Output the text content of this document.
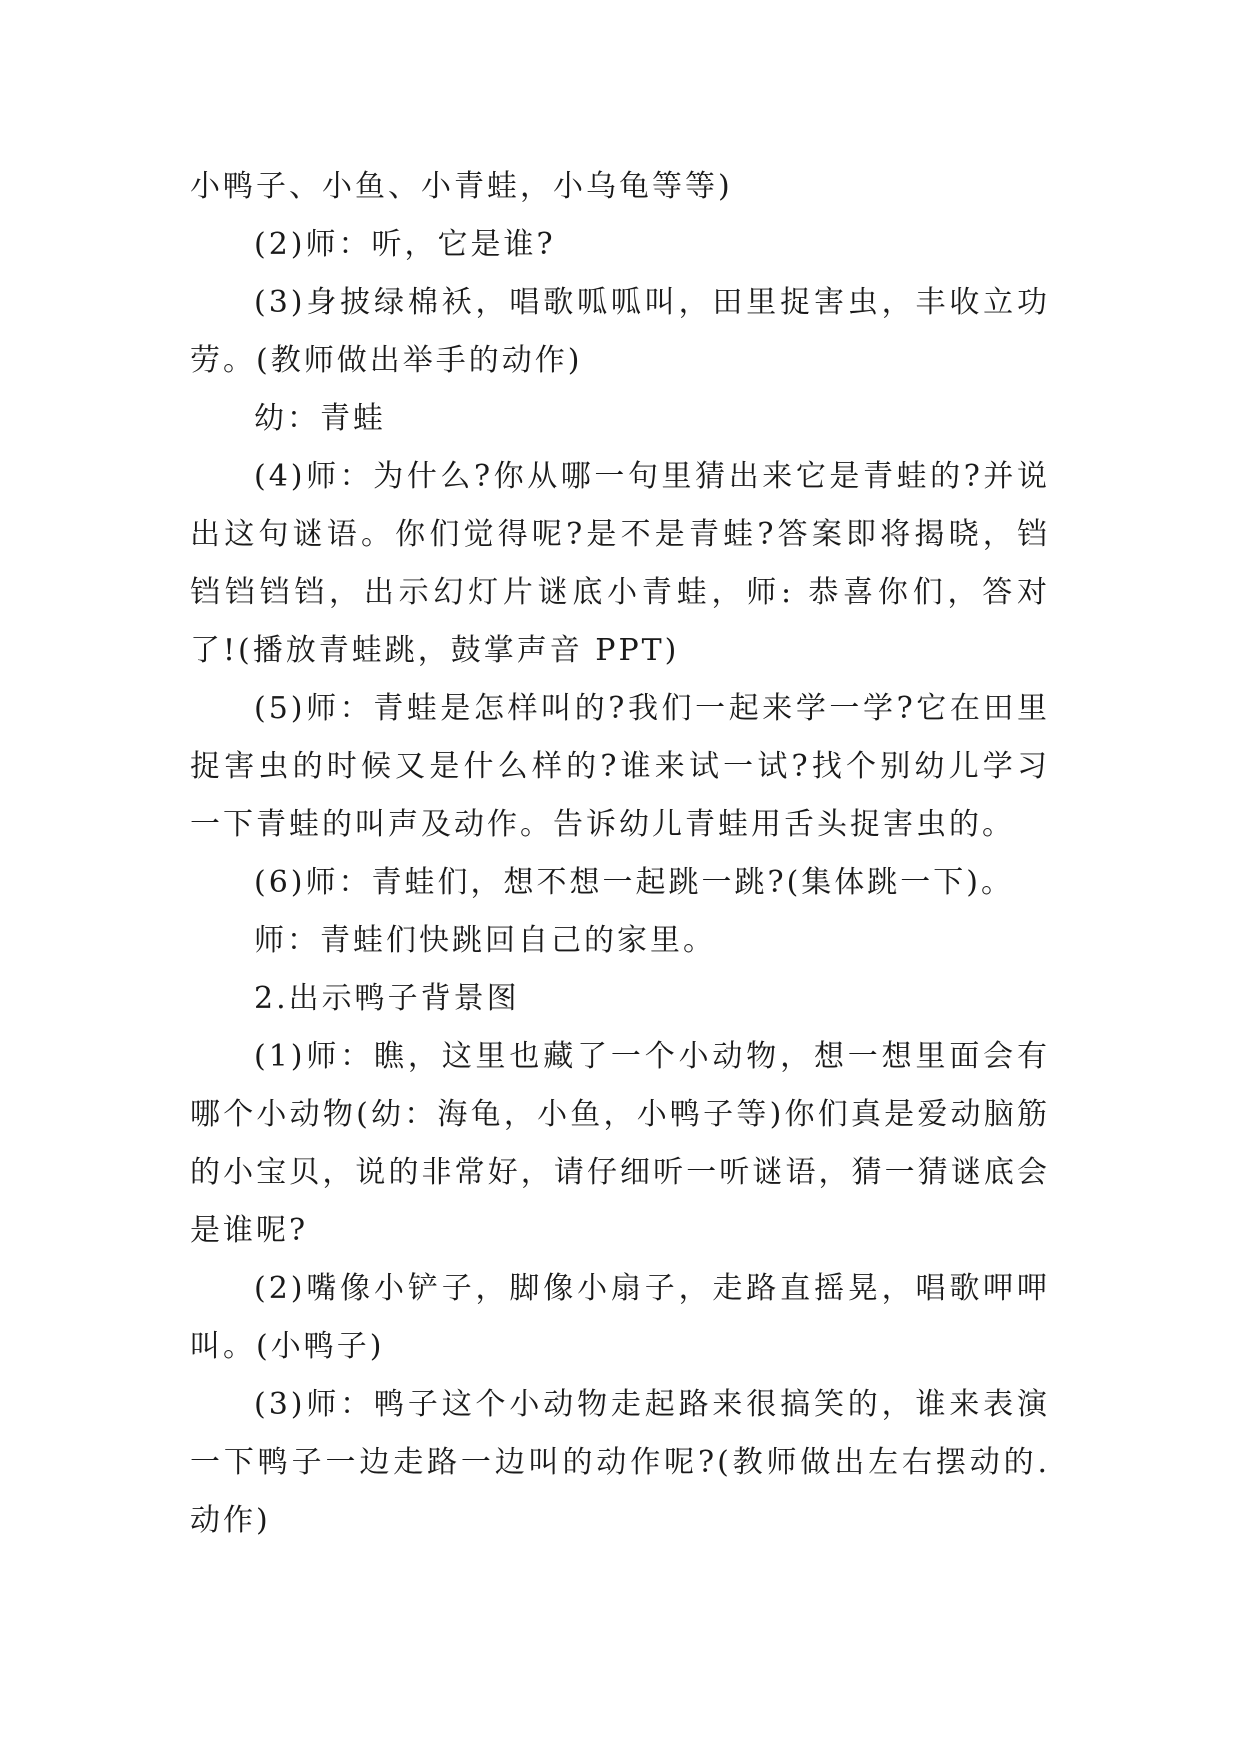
小鸭子、小鱼、小青蛙，小乌龟等等)

(2)师：听，它是谁?

(3)身披绿棉袄，唱歌呱呱叫，田里捉害虫，丰收立功劳。(教师做出举手的动作)

幼：青蛙

(4)师：为什么?你从哪一句里猜出来它是青蛙的?并说出这句谜语。你们觉得呢?是不是青蛙?答案即将揭晓，铛铛铛铛铛，出示幻灯片谜底小青蛙，师: 恭喜你们，答对了!(播放青蛙跳，鼓掌声音 PPT)

(5)师：青蛙是怎样叫的?我们一起来学一学?它在田里捉害虫的时候又是什么样的?谁来试一试?找个别幼儿学习一下青蛙的叫声及动作。告诉幼儿青蛙用舌头捉害虫的。

(6)师：青蛙们，想不想一起跳一跳?(集体跳一下)。

师：青蛙们快跳回自己的家里。

2.出示鸭子背景图

(1)师：瞧，这里也藏了一个小动物，想一想里面会有哪个小动物(幼：海龟，小鱼，小鸭子等)你们真是爱动脑筋的小宝贝，说的非常好，请仔细听一听谜语，猜一猜谜底会是谁呢?

(2)嘴像小铲子，脚像小扇子，走路直摇晃，唱歌呷呷叫。(小鸭子)

(3)师：鸭子这个小动物走起路来很搞笑的，谁来表演一下鸭子一边走路一边叫的动作呢?(教师做出左右摆动的.动作)
